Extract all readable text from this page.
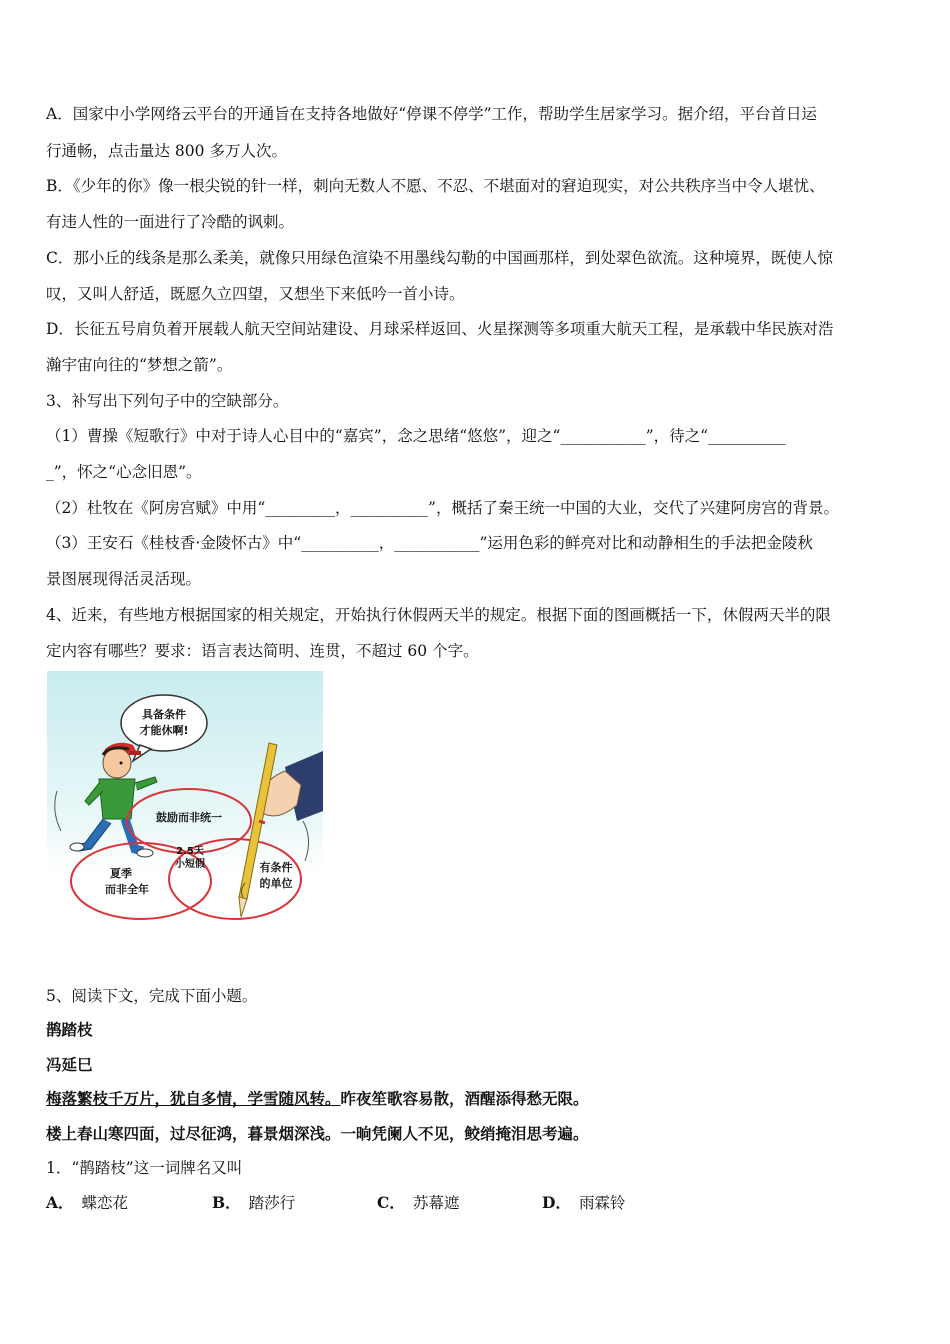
A．国家中小学网络云平台的开通旨在支持各地做好“停课不停学”工作，帮助学生居家学习。据介绍，平台首日运
行通畅，点击量达 800 多万人次。
B．《少年的你》像一根尖锐的针一样，刺向无数人不愿、不忍、不堪面对的窘迫现实，对公共秩序当中令人堪忧、
有违人性的一面进行了冷酷的讽刺。
C．那小丘的线条是那么柔美，就像只用绿色渲染不用墨线勾勒的中国画那样，到处翠色欲流。这种境界，既使人惊
叹，又叫人舒适，既愿久立四望，又想坐下来低吟一首小诗。
D．长征五号肩负着开展载人航天空间站建设、月球采样返回、火星探测等多项重大航天工程，是承载中华民族对浩
瀚宇宙向往的“梦想之箭”。
3、补写出下列句子中的空缺部分。
（1）曹操《短歌行》中对于诗人心目中的“嘉宾”，念之思绪“悠悠”，迎之“___________”，待之“__________
_”，怀之“心念旧恩”。
（2）杜牧在《阿房宫赋》中用“_________，__________”，概括了秦王统一中国的大业，交代了兴建阿房宫的背景。
（3）王安石《桂枝香·金陵怀古》中“__________，___________”运用色彩的鲜亮对比和动静相生的手法把金陵秋
景图展现得活灵活现。
4、近来，有些地方根据国家的相关规定，开始执行休假两天半的规定。根据下面的图画概括一下，休假两天半的限
定内容有哪些？要求：语言表达简明、连贯，不超过 60 个字。
具备条件
才能休啊!
鼓励而非统一
2.5天
小短假
夏季
而非全年
有条件
的单位
5、阅读下文，完成下面小题。
鹊踏枝
冯延巳
梅落繁枝千万片，犹自多情，学雪随风转。昨夜笙歌容易散，酒醒添得愁无限。
楼上春山寒四面，过尽征鸿，暮景烟深浅。一晌凭阑人不见，鲛绡掩泪思考遍。
1．“鹊踏枝”这一词牌名又叫
A． 蝶恋花	B． 踏莎行	C． 苏幕遮	D． 雨霖铃
